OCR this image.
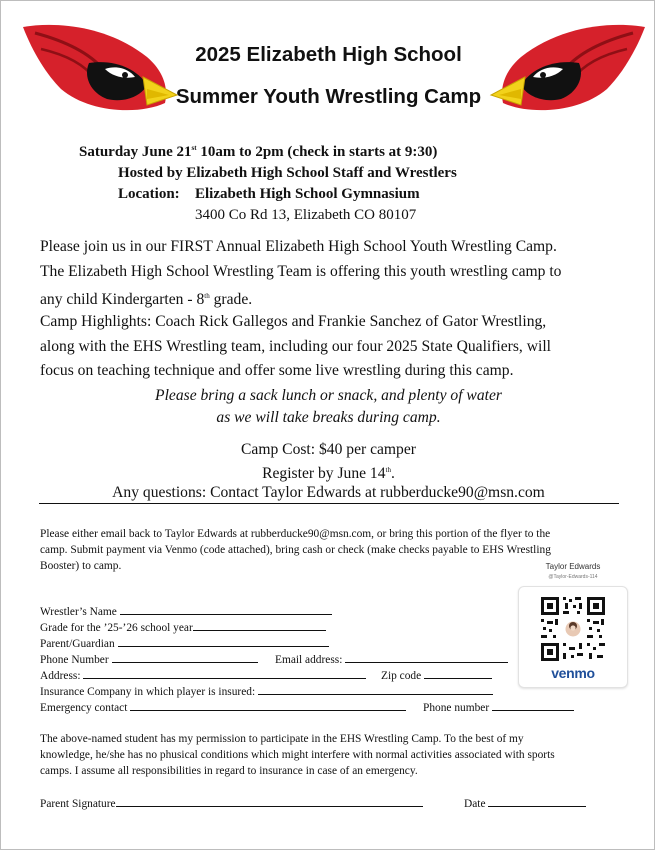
2025 Elizabeth High School
Summer Youth Wrestling Camp
Saturday June 21st 10am to 2pm (check in starts at 9:30)
Hosted by Elizabeth High School Staff and Wrestlers
Location: Elizabeth High School Gymnasium
3400 Co Rd 13, Elizabeth CO 80107
Please join us in our FIRST Annual Elizabeth High School Youth Wrestling Camp.
The Elizabeth High School Wrestling Team is offering this youth wrestling camp to
any child Kindergarten - 8th grade.
Camp Highlights: Coach Rick Gallegos and Frankie Sanchez of Gator Wrestling,
along with the EHS Wrestling team, including our four 2025 State Qualifiers, will
focus on teaching technique and offer some live wrestling during this camp.
Please bring a sack lunch or snack, and plenty of water
as we will take breaks during camp.
Camp Cost: $40 per camper
Register by June 14th.
Any questions: Contact Taylor Edwards at rubberducke90@msn.com
Please either email back to Taylor Edwards at rubberducke90@msn.com, or bring this portion of the flyer to the
camp. Submit payment via Venmo (code attached), bring cash or check (make checks payable to EHS Wrestling
Booster) to camp.
Wrestler’s Name
Grade for the ’25-’26 school year
Parent/Guardian
Phone Number	Email address:
Address:	Zip code
Insurance Company in which player is insured:
Emergency contact	Phone number
Taylor Edwards
@Taylor-Edwards-114
venmo
The above-named student has my permission to participate in the EHS Wrestling Camp. To the best of my
knowledge, he/she has no phusical conditions which might interfere with normal activities associated with sports
camps. I assume all responsibilities in regard to insurance in case of an emergency.
Parent Signature	Date
